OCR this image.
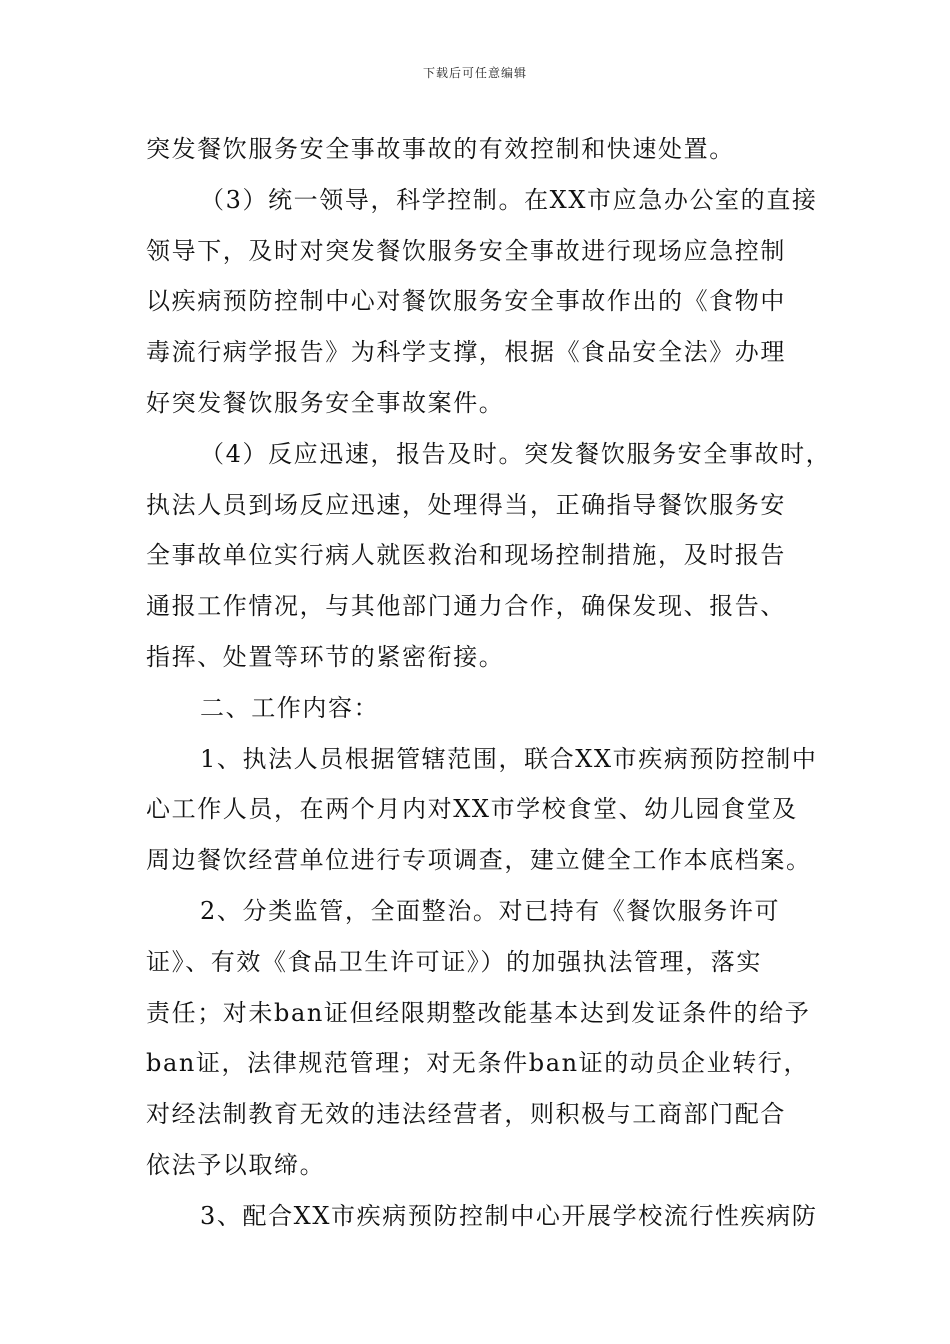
下载后可任意编辑
突发餐饮服务安全事故事故的有效控制和快速处置。
（3）统一领导，科学控制。在XX市应急办公室的直接
领导下，及时对突发餐饮服务安全事故进行现场应急控制
以疾病预防控制中心对餐饮服务安全事故作出的《食物中
毒流行病学报告》为科学支撑，根据《食品安全法》办理
好突发餐饮服务安全事故案件。
（4）反应迅速，报告及时。突发餐饮服务安全事故时，
执法人员到场反应迅速，处理得当，正确指导餐饮服务安
全事故单位实行病人就医救治和现场控制措施，及时报告
通报工作情况，与其他部门通力合作，确保发现、报告、
指挥、处置等环节的紧密衔接。
二、工作内容：
1、执法人员根据管辖范围，联合XX市疾病预防控制中
心工作人员，在两个月内对XX市学校食堂、幼儿园食堂及
周边餐饮经营单位进行专项调查，建立健全工作本底档案。
2、分类监管，全面整治。对已持有《餐饮服务许可
证》、有效《食品卫生许可证》）的加强执法管理，落实
责任；对未ban证但经限期整改能基本达到发证条件的给予
ban证，法律规范管理；对无条件ban证的动员企业转行，
对经法制教育无效的违法经营者，则积极与工商部门配合
依法予以取缔。
3、配合XX市疾病预防控制中心开展学校流行性疾病防
